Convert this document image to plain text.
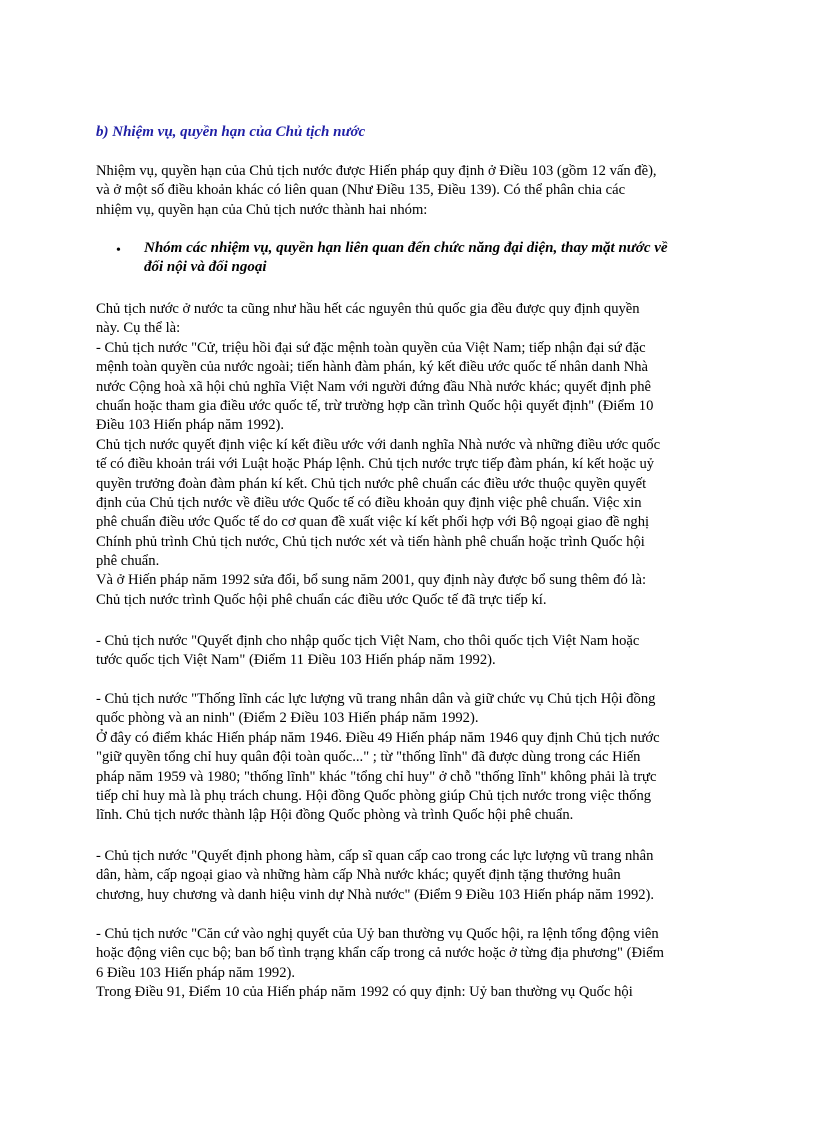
b) Nhiệm vụ, quyền hạn của Chủ tịch nước
Nhiệm vụ, quyền hạn của Chủ tịch nước được Hiến pháp quy định ở Điều 103 (gồm 12 vấn đề),
và ở một số điều khoản khác có liên quan (Như Điều 135, Điều 139). Có thể phân chia các
nhiệm vụ, quyền hạn của Chủ tịch nước thành hai nhóm:
• Nhóm các nhiệm vụ, quyền hạn liên quan đến chức năng đại diện, thay mặt nước về
đối nội và đối ngoại
Chủ tịch nước ở nước ta cũng như hầu hết các nguyên thủ quốc gia đều được quy định quyền
này. Cụ thể là:
- Chủ tịch nước "Cử, triệu hồi đại sứ đặc mệnh toàn quyền của Việt Nam; tiếp nhận đại sứ đặc
mệnh toàn quyền của nước ngoài; tiến hành đàm phán, ký kết điều ước quốc tế nhân danh Nhà
nước Cộng hoà xã hội chủ nghĩa Việt Nam với người đứng đầu Nhà nước khác; quyết định phê
chuẩn hoặc tham gia điều ước quốc tế, trừ trường hợp cần trình Quốc hội quyết định" (Điểm 10
Điều 103 Hiến pháp năm 1992).
Chủ tịch nước quyết định việc kí kết điều ước với danh nghĩa Nhà nước và những điều ước quốc
tế có điều khoản trái với Luật hoặc Pháp lệnh. Chủ tịch nước trực tiếp đàm phán, kí kết hoặc uỷ
quyền trưởng đoàn đàm phán kí kết. Chủ tịch nước phê chuẩn các điều ước thuộc quyền quyết
định của Chủ tịch nước về điều ước Quốc tế có điều khoản quy định việc phê chuẩn. Việc xin
phê chuẩn điều ước Quốc tế do cơ quan đề xuất việc kí kết phối hợp với Bộ ngoại giao đề nghị
Chính phủ trình Chủ tịch nước, Chủ tịch nước xét và tiến hành phê chuẩn hoặc trình Quốc hội
phê chuẩn.
Và ở Hiến pháp năm 1992 sửa đổi, bổ sung năm 2001, quy định này được bổ sung thêm đó là:
Chủ tịch nước trình Quốc hội phê chuẩn các điều ước Quốc tế đã trực tiếp kí.
- Chủ tịch nước "Quyết định cho nhập quốc tịch Việt Nam, cho thôi quốc tịch Việt Nam hoặc
tước quốc tịch Việt Nam" (Điểm 11 Điều 103 Hiến pháp năm 1992).
- Chủ tịch nước "Thống lĩnh các lực lượng vũ trang nhân dân và giữ chức vụ Chủ tịch Hội đồng
quốc phòng và an ninh" (Điểm 2 Điều 103 Hiến pháp năm 1992).
Ở đây có điểm khác Hiến pháp năm 1946. Điều 49 Hiến pháp năm 1946 quy định Chủ tịch nước
"giữ quyền tổng chỉ huy quân đội toàn quốc..." ; từ "thống lĩnh" đã được dùng trong các Hiến
pháp năm 1959 và 1980; "thống lĩnh" khác "tổng chỉ huy" ở chỗ "thống lĩnh" không phải là trực
tiếp chỉ huy mà là phụ trách chung. Hội đồng Quốc phòng giúp Chủ tịch nước trong việc thống
lĩnh. Chủ tịch nước thành lập Hội đồng Quốc phòng và trình Quốc hội phê chuẩn.
- Chủ tịch nước "Quyết định phong hàm, cấp sĩ quan cấp cao trong các lực lượng vũ trang nhân
dân, hàm, cấp ngoại giao và những hàm cấp Nhà nước khác; quyết định tặng thưởng huân
chương, huy chương và danh hiệu vinh dự Nhà nước" (Điểm 9 Điều 103 Hiến pháp năm 1992).
- Chủ tịch nước "Căn cứ vào nghị quyết của Uỷ ban thường vụ Quốc hội, ra lệnh tổng động viên
hoặc động viên cục bộ; ban bố tình trạng khẩn cấp trong cả nước hoặc ở từng địa phương" (Điểm
6 Điều 103 Hiến pháp năm 1992).
Trong Điều 91, Điểm 10 của Hiến pháp năm 1992 có quy định: Uỷ ban thường vụ Quốc hội
